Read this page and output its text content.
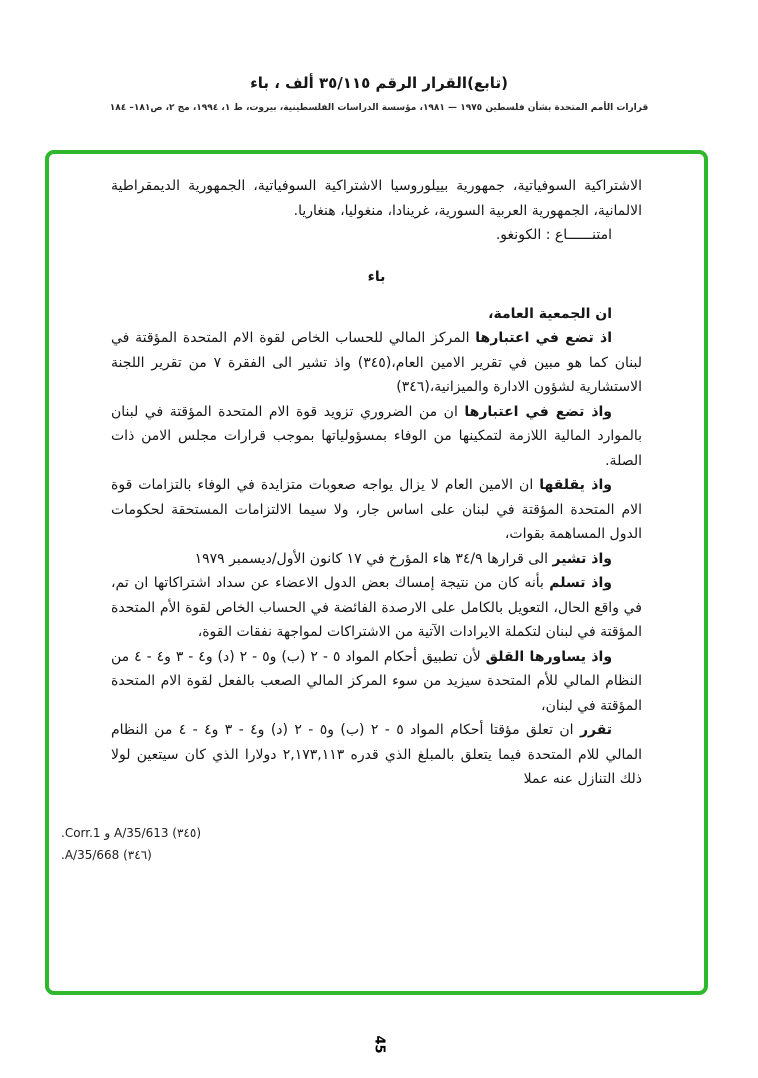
(تابع)القرار الرقم ٣٥/١١٥ ألف ، باء
قرارات الأمم المتحدة بشأن فلسطين ١٩٧٥ — ١٩٨١، مؤسسة الدراسات الفلسطينية، بيروت، ط ١، ١٩٩٤، مج ٢، ص١٨١– ١٨٤

الاشتراكية السوفياتية، جمهورية بييلوروسيا الاشتراكية السوفياتية، الجمهورية الديمقراطية الالمانية، الجمهورية العربية السورية، غرينادا، منغوليا، هنغاريا.

امتنــــــاع : الكونغو.

باء

ان الجمعية العامة،

اذ تضع في اعتبارها المركز المالي للحساب الخاص لقوة الام المتحدة المؤقتة في لبنان كما هو مبين في تقرير الامين العام،(٣٤٥) واذ تشير الى الفقرة ٧ من تقرير اللجنة الاستشارية لشؤون الادارة والميزانية،(٣٤٦)

واذ تضع في اعتبارها ان من الضروري تزويد قوة الام المتحدة المؤقتة في لبنان بالموارد المالية اللازمة لتمكينها من الوفاء بمسؤولياتها بموجب قرارات مجلس الامن ذات الصلة.

واذ يقلقها ان الامين العام لا يزال يواجه صعوبات متزايدة في الوفاء بالتزامات قوة الام المتحدة المؤقتة في لبنان على اساس جار، ولا سيما الالتزامات المستحقة لحكومات الدول المساهمة بقوات،

واذ تشير الى قرارها ٣٤/٩ هاء المؤرخ في ١٧ كانون الأول/ديسمبر ١٩٧٩

واذ تسلم بأنه كان من نتيجة إمساك بعض الدول الاعضاء عن سداد اشتراكاتها ان تم، في واقع الحال، التعويل بالكامل على الارصدة الفائضة في الحساب الخاص لقوة الأم المتحدة المؤقتة في لبنان لتكملة الايرادات الآتية من الاشتراكات لمواجهة نفقات القوة،

واذ يساورها القلق لأن تطبيق أحكام المواد ٥ - ٢ (ب) و٥ - ٢ (د) و٤ - ٣ و٤ - ٤ من النظام المالي للأم المتحدة سيزيد من سوء المركز المالي الصعب بالفعل لقوة الام المتحدة المؤقتة في لبنان،

تقرر ان تعلق مؤقتا أحكام المواد ٥ - ٢ (ب) و٥ - ٢ (د) و٤ - ٣ و٤ - ٤ من النظام المالي للام المتحدة فيما يتعلق بالمبلغ الذي قدره ٢,١٧٣,١١٣ دولارا الذي كان سيتعين لولا ذلك التنازل عنه عملا

(٣٤٥) A/35/613 و Corr.1.
(٣٤٦) A/35/668.
45
